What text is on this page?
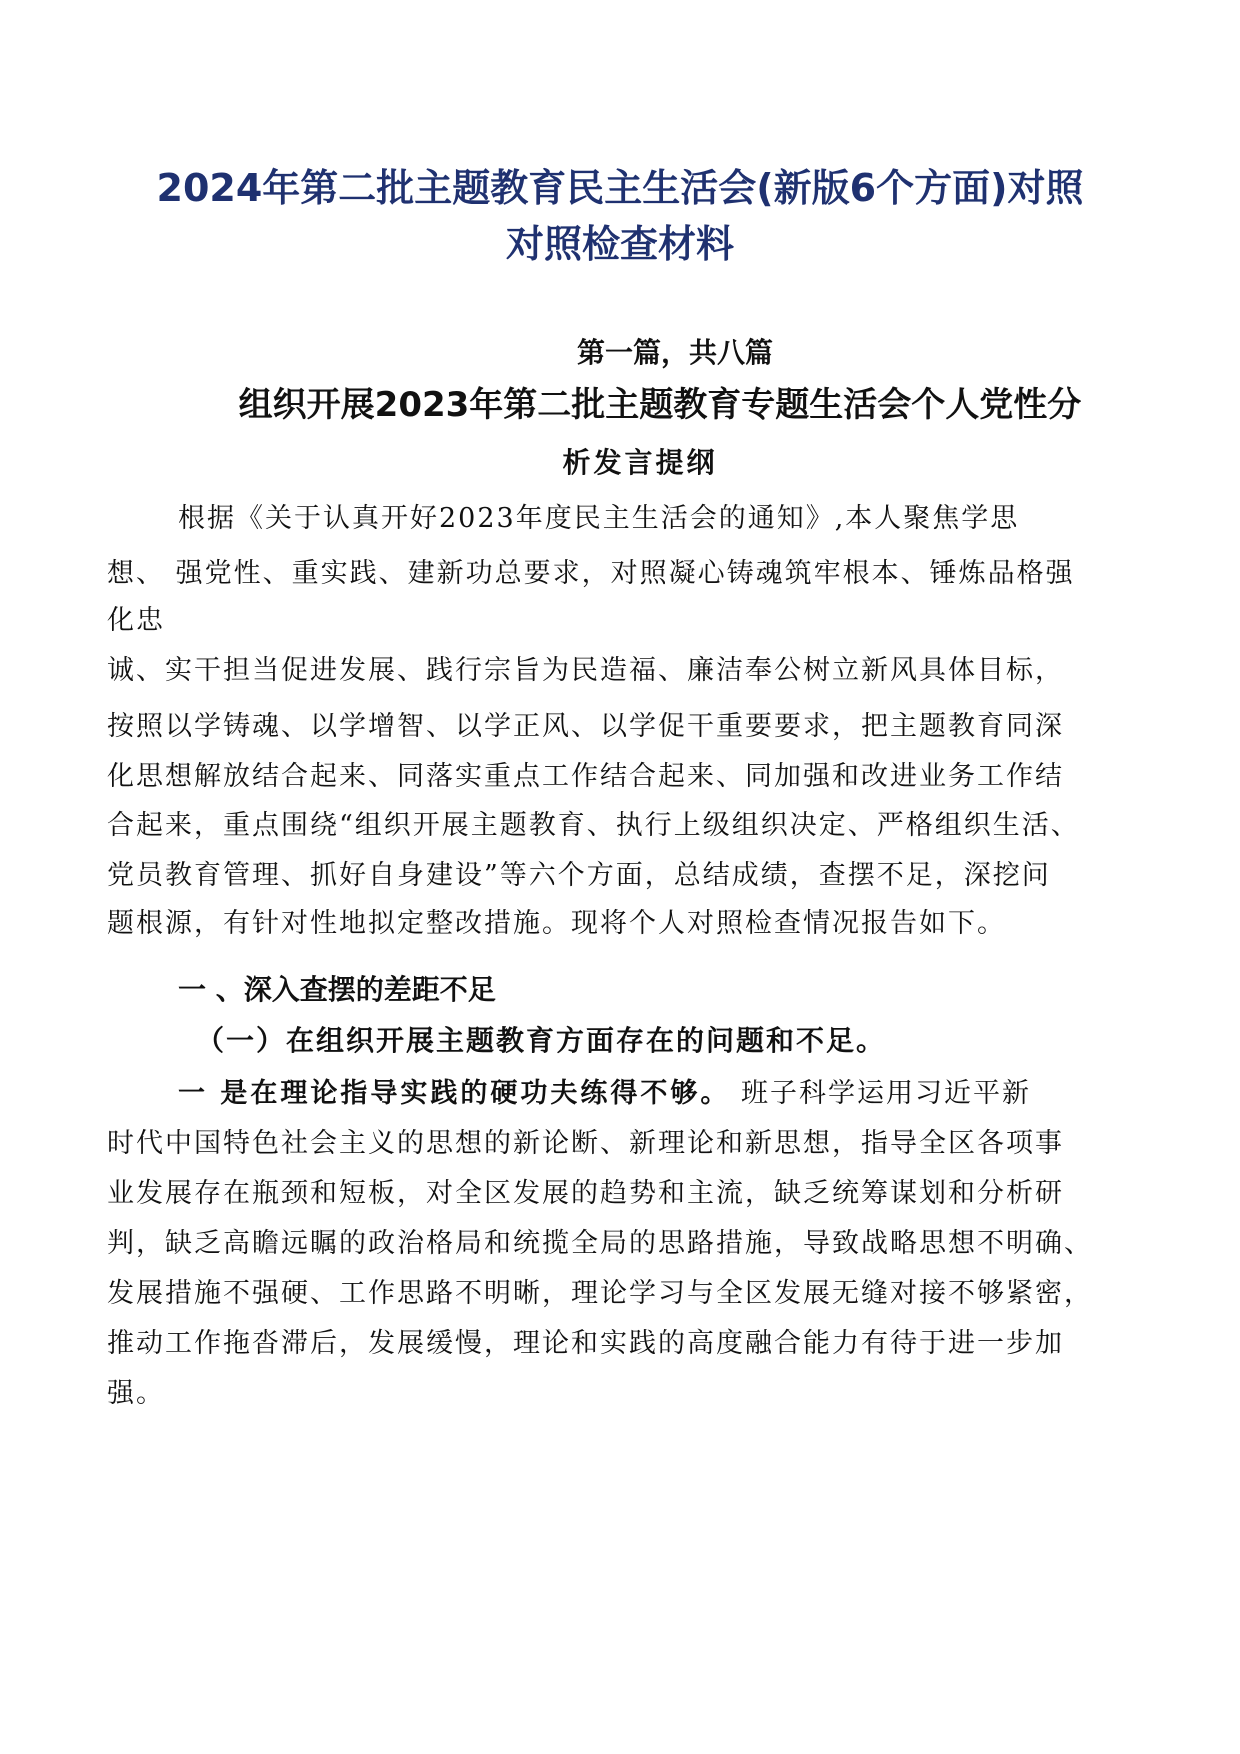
2024年第二批主题教育民主生活会(新版6个方面)对照
对照检查材料
第一篇，共八篇
组织开展2023年第二批主题教育专题生活会个人党性分
析发言提纲
根据《关于认真开好2023年度民主生活会的通知》,本人聚焦学思
想、 强党性、重实践、建新功总要求，对照凝心铸魂筑牢根本、锤炼品格强
化忠
诚、实干担当促进发展、践行宗旨为民造福、廉洁奉公树立新风具体目标，
按照以学铸魂、以学增智、以学正风、以学促干重要要求，把主题教育同深
化思想解放结合起来、同落实重点工作结合起来、同加强和改进业务工作结
合起来，重点围绕“组织开展主题教育、执行上级组织决定、严格组织生活、
党员教育管理、抓好自身建设”等六个方面，总结成绩，查摆不足，深挖问
题根源，有针对性地拟定整改措施。现将个人对照检查情况报告如下。
一 、深入查摆的差距不足
（一）在组织开展主题教育方面存在的问题和不足。
一 是在理论指导实践的硬功夫练得不够。 班子科学运用习近平新
时代中国特色社会主义的思想的新论断、新理论和新思想，指导全区各项事
业发展存在瓶颈和短板，对全区发展的趋势和主流，缺乏统筹谋划和分析研
判，缺乏高瞻远瞩的政治格局和统揽全局的思路措施，导致战略思想不明确、
发展措施不强硬、工作思路不明晰，理论学习与全区发展无缝对接不够紧密，
推动工作拖沓滞后，发展缓慢，理论和实践的高度融合能力有待于进一步加
强。
